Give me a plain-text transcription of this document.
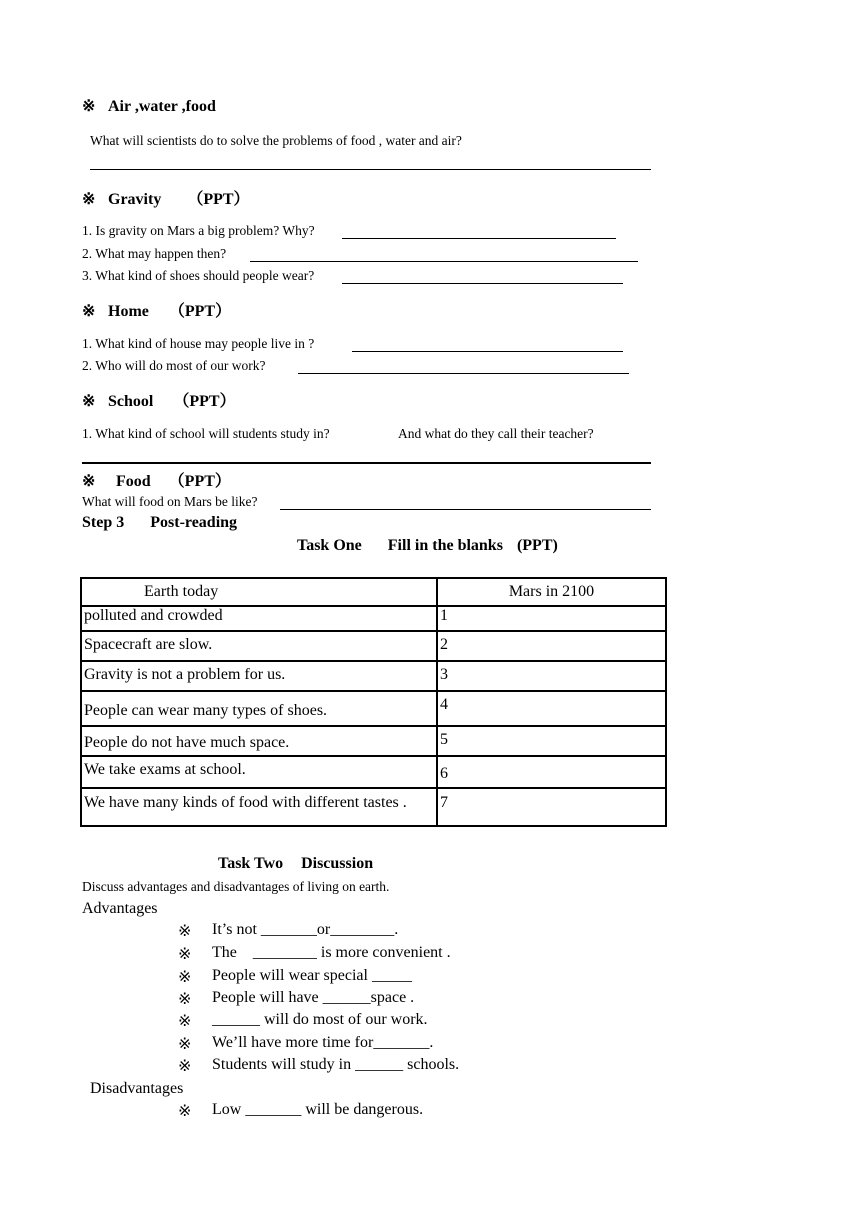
※ Air ,water ,food
What will scientists do to solve the problems of food , water and air?
※ Gravity （PPT）
1. Is gravity on Mars a big problem? Why?
2. What may happen then?
3. What kind of shoes should people wear?
※ Home （PPT）
1. What kind of house may people live in ?
2. Who will do most of our work?
※ School （PPT）
1. What kind of school will students study in?	And what do they call their teacher?
※ Food （PPT）
What will food on Mars be like?
Step 3 Post-reading
Task One Fill in the blanks (PPT)
Earth today	Mars in 2100
polluted and crowded	1
Spacecraft are slow.	2
Gravity is not a problem for us.	3
People can wear many types of shoes.	4
People do not have much space.	5
We take exams at school.	6
We have many kinds of food with different tastes .	7
Task Two Discussion
Discuss advantages and disadvantages of living on earth.
Advantages
※ It’s not _______or________.
※ The    ________ is more convenient .
※ People will wear special _____
※ People will have ______space .
※ ______ will do most of our work.
※ We’ll have more time for_______.
※ Students will study in ______ schools.
Disadvantages
※ Low _______ will be dangerous.
